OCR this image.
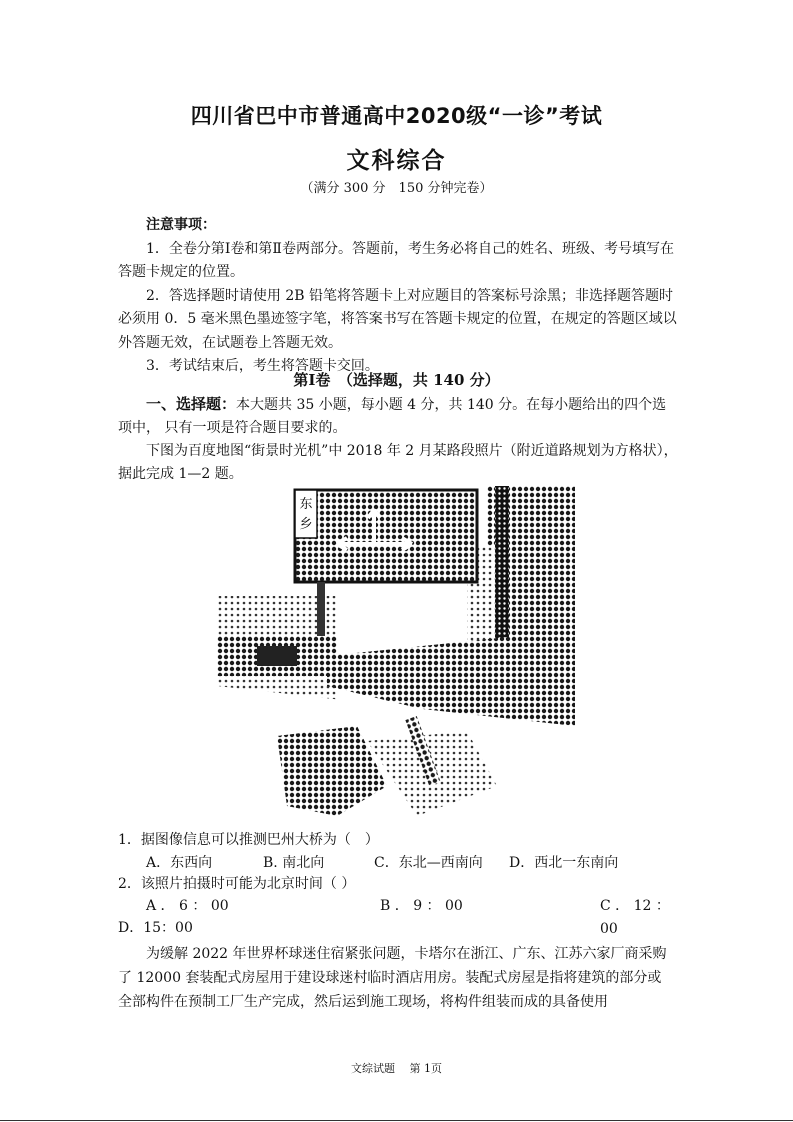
四川省巴中市普通高中2020级“一诊”考试
文科综合
（满分 300 分　150 分钟完卷）
注意事项：
1．全卷分第Ⅰ卷和第Ⅱ卷两部分。答题前，考生务必将自己的姓名、班级、考号填写在 答题卡规定的位置。
2．答选择题时请使用 2B 铅笔将答题卡上对应题目的答案标号涂黑；非选择题答题时必须用 0．5 毫米黑色墨迹签字笔，将答案书写在答题卡规定的位置，在规定的答题区域以外答题无效，在试题卷上答题无效。
3．考试结束后，考生将答题卡交回。
第Ⅰ卷　（选择题，共 140 分）
一、选择题：本大题共 35 小题，每小题 4 分，共 140 分。在每小题给出的四个选项中， 只有一项是符合题目要求的。
下图为百度地图“街景时光机”中 2018 年 2 月某路段照片（附近道路规划为方格状），据此完成 1—2 题。
东
乡
1．据图像信息可以推测巴州大桥为（　）
A．东西向	B. 南北向	C．东北—西南向 D．西北一东南向
2．该照片拍摄时可能为北京时间（ ）
A ． 6 ： 00	B ． 9 ： 00	C ． 12 ： 00
D．15：00
为缓解 2022 年世界杯球迷住宿紧张问题，卡塔尔在浙江、广东、江苏六家厂商采购 了 12000 套装配式房屋用于建设球迷村临时酒店用房。装配式房屋是指将建筑的部分或 全部构件在预制工厂生产完成，然后运到施工现场，将构件组装而成的具备使用
文综试题　 第 1页
